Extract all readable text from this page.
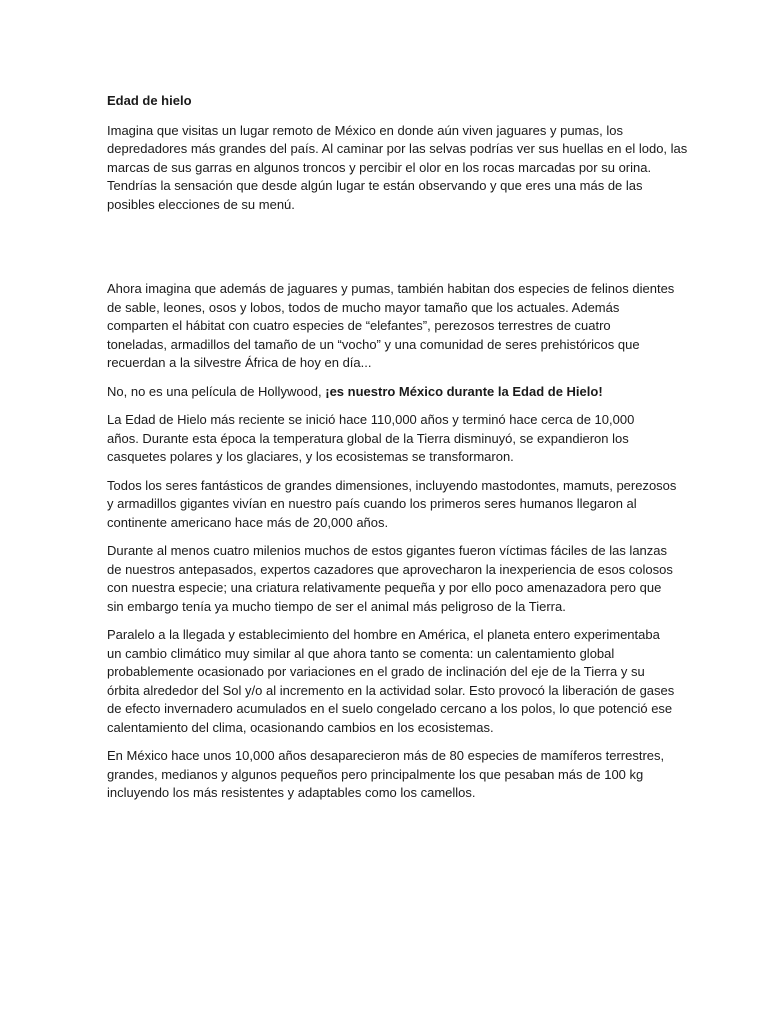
Edad de hielo
Imagina que visitas un lugar remoto de México en donde aún viven jaguares y pumas, los
depredadores más grandes del país. Al caminar por las selvas podrías ver sus huellas en el lodo, las
marcas de sus garras en algunos troncos y percibir el olor en los rocas marcadas por su orina.
Tendrías la sensación que desde algún lugar te están observando y que eres una más de las
posibles elecciones de su menú.
Ahora imagina que además de jaguares y pumas, también habitan dos especies de felinos dientes
de sable, leones, osos y lobos, todos de mucho mayor tamaño que los actuales. Además
comparten el hábitat con cuatro especies de “elefantes”, perezosos terrestres de cuatro
toneladas, armadillos del tamaño de un “vocho” y una comunidad de seres prehistóricos que
recuerdan a la silvestre África de hoy en día...
No, no es una película de Hollywood, ¡es nuestro México durante la Edad de Hielo!
La Edad de Hielo más reciente se inició hace 110,000 años y terminó hace cerca de 10,000
años. Durante esta época la temperatura global de la Tierra disminuyó, se expandieron los
casquetes polares y los glaciares, y los ecosistemas se transformaron.
Todos los seres fantásticos de grandes dimensiones, incluyendo mastodontes, mamuts, perezosos
y armadillos gigantes vivían en nuestro país cuando los primeros seres humanos llegaron al
continente americano hace más de 20,000 años.
Durante al menos cuatro milenios muchos de estos gigantes fueron víctimas fáciles de las lanzas
de nuestros antepasados, expertos cazadores que aprovecharon la inexperiencia de esos colosos
con nuestra especie; una criatura relativamente pequeña y por ello poco amenazadora pero que
sin embargo tenía ya mucho tiempo de ser el animal más peligroso de la Tierra.
Paralelo a la llegada y establecimiento del hombre en América, el planeta entero experimentaba
un cambio climático muy similar al que ahora tanto se comenta: un calentamiento global
probablemente ocasionado por variaciones en el grado de inclinación del eje de la Tierra y su
órbita alrededor del Sol y/o al incremento en la actividad solar. Esto provocó la liberación de gases
de efecto invernadero acumulados en el suelo congelado cercano a los polos, lo que potenció ese
calentamiento del clima, ocasionando cambios en los ecosistemas.
En México hace unos 10,000 años desaparecieron más de 80 especies de mamíferos terrestres,
grandes, medianos y algunos pequeños pero principalmente los que pesaban más de 100 kg
incluyendo los más resistentes y adaptables como los camellos.
